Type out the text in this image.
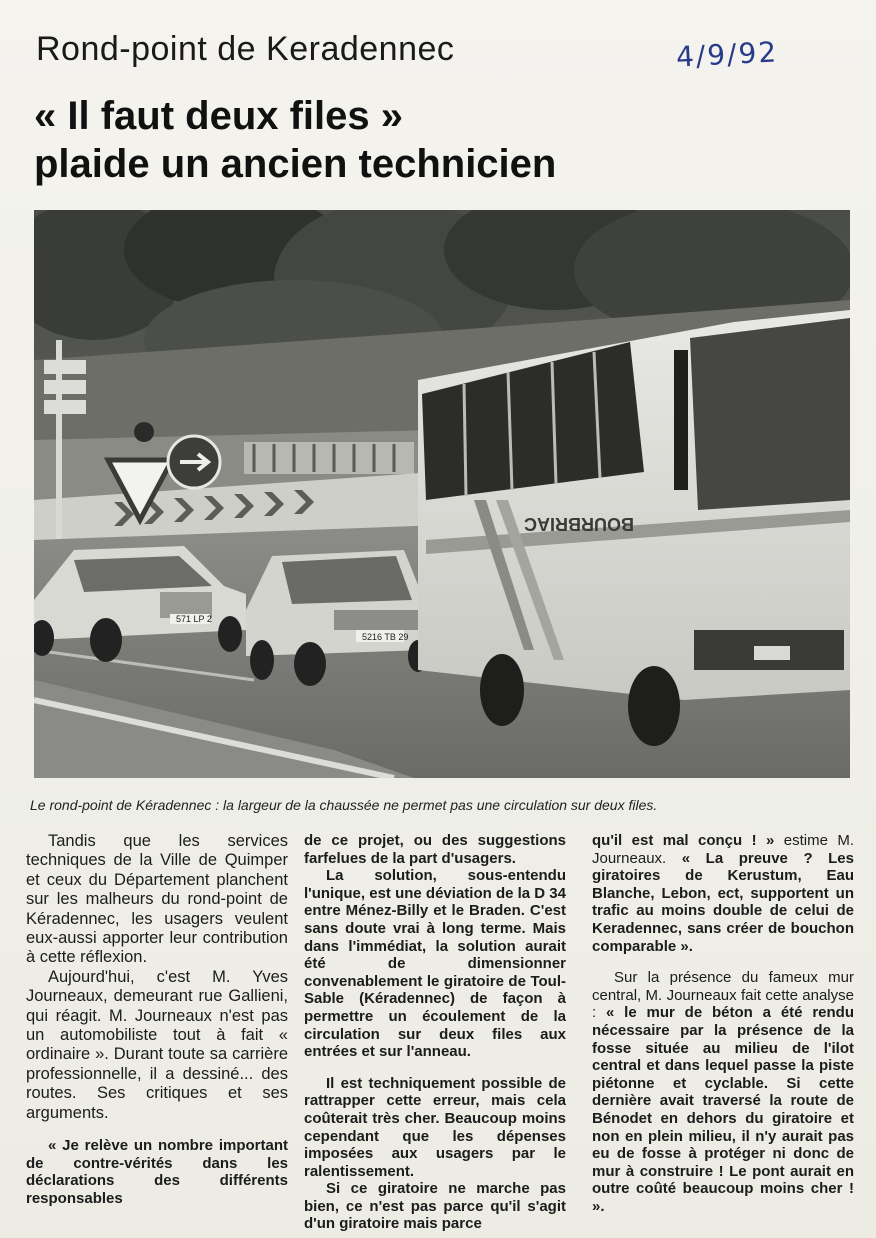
Rond-point de Keradennec	4/9/92
« Il faut deux files »
plaide un ancien technicien
BOURBRIAC
571 LP 2
5216 TB 29
Le rond-point de Kéradennec : la largeur de la chaussée ne permet pas une circulation sur deux files.

Tandis que les services techniques de la Ville de Quimper et ceux du Département planchent sur les malheurs du rond-point de Kéradennec, les usagers veulent eux-aussi apporter leur contribution à cette réflexion.

Aujourd'hui, c'est M. Yves Journeaux, demeurant rue Gallieni, qui réagit. M. Journeaux n'est pas un automobiliste tout à fait « ordinaire ». Durant toute sa carrière professionnelle, il a dessiné... des routes. Ses critiques et ses arguments.

« Je relève un nombre important de contre-vérités dans les déclarations des différents responsables

de ce projet, ou des suggestions farfelues de la part d'usagers.

La solution, sous-entendu l'unique, est une déviation de la D 34 entre Ménez-Billy et le Braden. C'est sans doute vrai à long terme. Mais dans l'immédiat, la solution aurait été de dimensionner convenablement le giratoire de Toul-Sable (Kéradennec) de façon à permettre un écoulement de la circulation sur deux files aux entrées et sur l'anneau.

Il est techniquement possible de rattrapper cette erreur, mais cela coûterait très cher. Beaucoup moins cependant que les dépenses imposées aux usagers par le ralentissement.

Si ce giratoire ne marche pas bien, ce n'est pas parce qu'il s'agit d'un giratoire mais parce

qu'il est mal conçu ! » estime M. Journeaux. « La preuve ? Les giratoires de Kerustum, Eau Blanche, Lebon, ect, supportent un trafic au moins double de celui de Keradennec, sans créer de bouchon comparable ».

Sur la présence du fameux mur central, M. Journeaux fait cette analyse : « le mur de béton a été rendu nécessaire par la présence de la fosse située au milieu de l'ilot central et dans lequel passe la piste piétonne et cyclable. Si cette dernière avait traversé la route de Bénodet en dehors du giratoire et non en plein milieu, il n'y aurait pas eu de fosse à protéger ni donc de mur à construire ! Le pont aurait en outre coûté beaucoup moins cher ! ».
